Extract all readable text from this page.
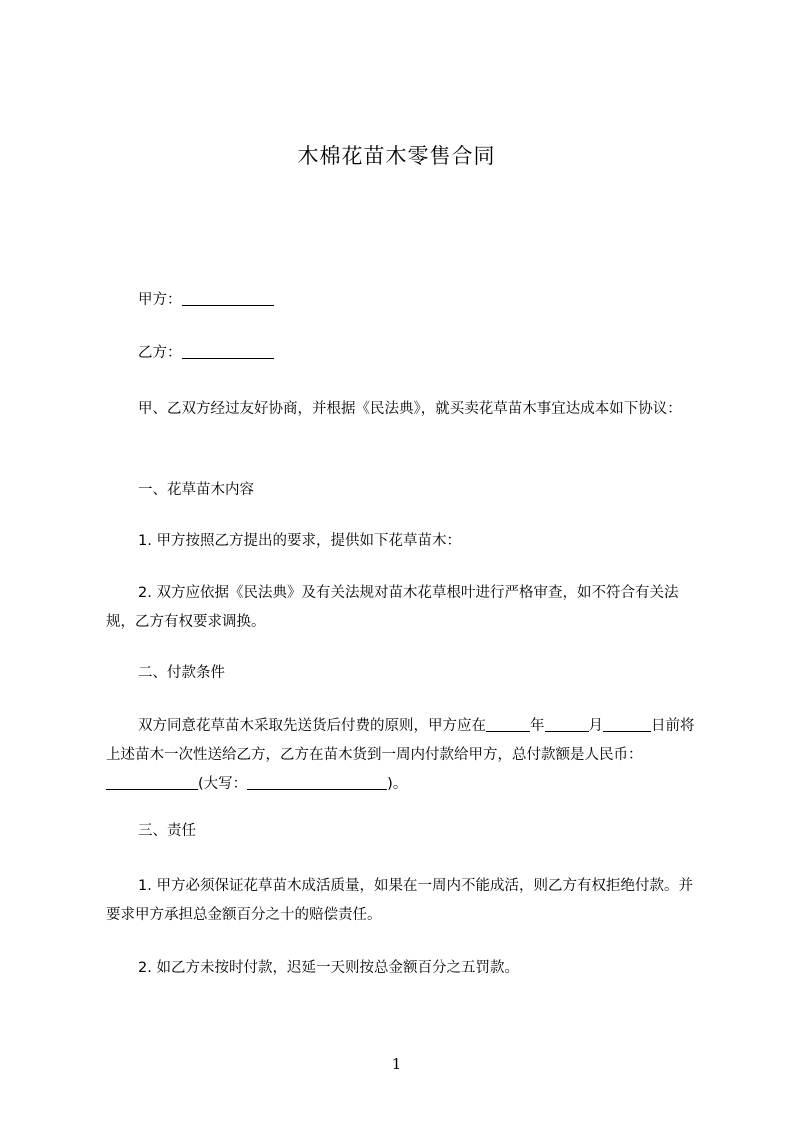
木棉花苗木零售合同

甲方：

乙方：

甲、乙双方经过友好协商，并根据《民法典》，就买卖花草苗木事宜达成本如下协议：

一、花草苗木内容

1. 甲方按照乙方提出的要求，提供如下花草苗木：

2. 双方应依据《民法典》及有关法规对苗木花草根叶进行严格审查，如不符合有关法规，乙方有权要求调换。

二、付款条件

双方同意花草苗木采取先送货后付费的原则，甲方应在	年	月	日前将上述苗木一次性送给乙方，乙方在苗木货到一周内付款给甲方，总付款额是人民币：(大写：	)。

三、责任

1. 甲方必须保证花草苗木成活质量，如果在一周内不能成活，则乙方有权拒绝付款。并要求甲方承担总金额百分之十的赔偿责任。

2. 如乙方未按时付款，迟延一天则按总金额百分之五罚款。

1
